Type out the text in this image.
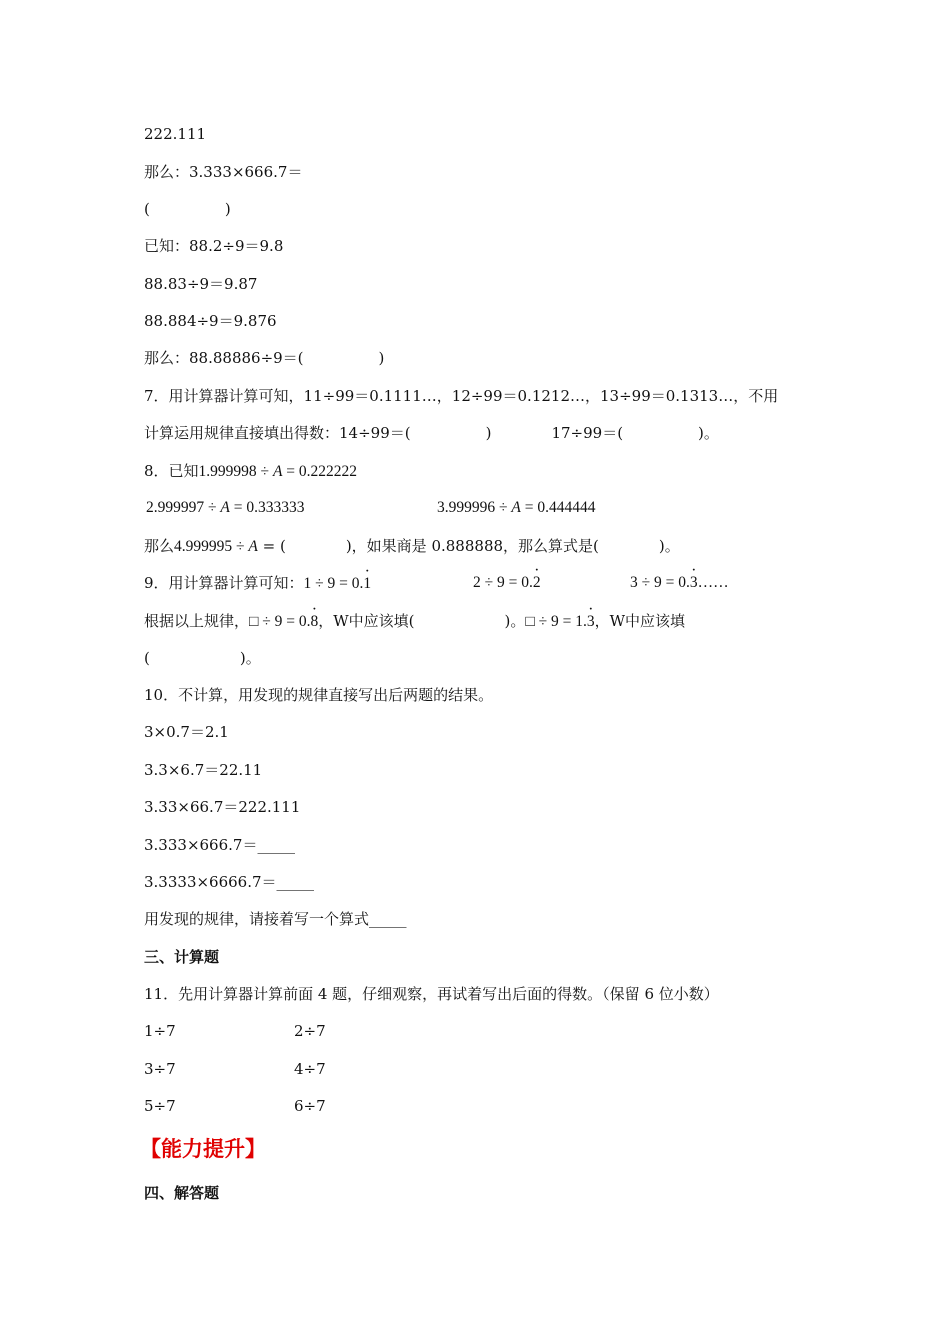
222.111
那么：3.333×666.7＝
(　　　　　)
已知：88.2÷9＝9.8
88.83÷9＝9.87
88.884÷9＝9.876
那么：88.88886÷9＝(　　　　　)
7．用计算器计算可知，11÷99＝0.1111…，12÷99＝0.1212…，13÷99＝0.1313…，不用
计算运用规律直接填出得数：14÷99＝(　　　　　)　　　　17÷99＝(　　　　　)。
8．已知1.999998 ÷ A = 0.222222
2.999997 ÷ A = 0.333333	3.999996 ÷ A = 0.444444
那么4.999995 ÷ A = (　　　　)，如果商是 0.888888，那么算式是(　　　　)。
9．用计算器计算可知：1 ÷ 9 = 0.1 ·	2 ÷ 9 = 0.2 ·	3 ÷ 9 = 0.3 ·……
根据以上规律，□ ÷ 9 = 0.8 ·，W中应该填(　　　　　　)。□ ÷ 9 = 1.3 ·，W中应该填
(　　　　　　)。
10．不计算，用发现的规律直接写出后两题的结果。
3×0.7＝2.1
3.3×6.7＝22.11
3.33×66.7＝222.111
3.333×666.7＝_____
3.3333×6666.7＝_____
用发现的规律，请接着写一个算式_____
三、计算题
11．先用计算器计算前面 4 题，仔细观察，再试着写出后面的得数。（保留 6 位小数）
1÷7	2÷7
3÷7	4÷7
5÷7	6÷7
【能力提升】
四、解答题
